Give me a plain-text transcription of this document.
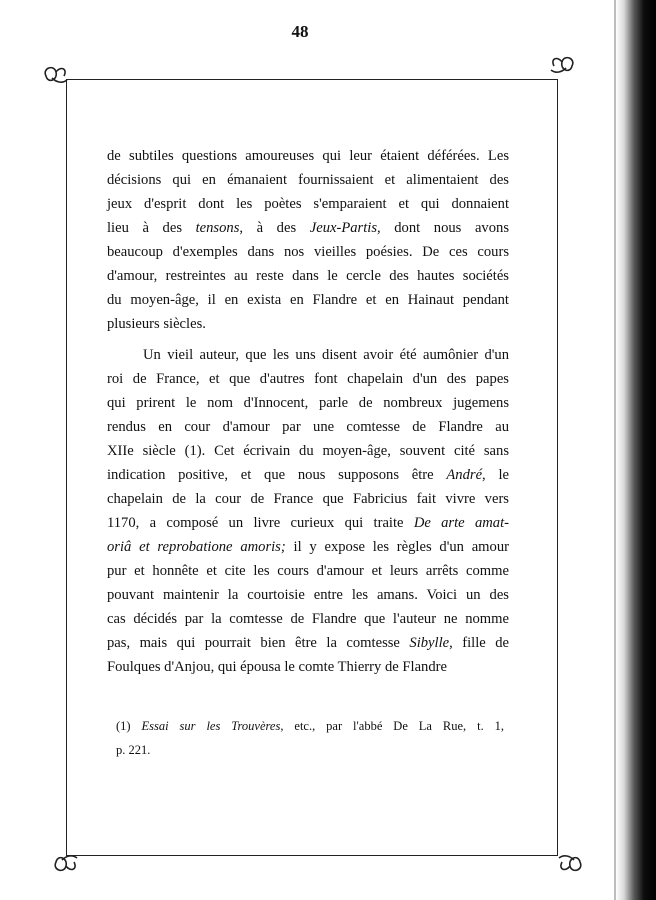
48
de subtiles questions amoureuses qui leur étaient déférées. Les
décisions qui en émanaient fournissaient et alimentaient des
jeux d'esprit dont les poètes s'emparaient et qui donnaient
lieu à des tensons, à des Jeux-Partis, dont nous avons
beaucoup d'exemples dans nos vieilles poésies. De ces cours
d'amour, restreintes au reste dans le cercle des hautes sociétés
du moyen-âge, il en exista en Flandre et en Hainaut pendant
plusieurs siècles.
Un vieil auteur, que les uns disent avoir été aumônier d'un
roi de France, et que d'autres font chapelain d'un des papes
qui prirent le nom d'Innocent, parle de nombreux jugemens
rendus en cour d'amour par une comtesse de Flandre au
XIIe siècle (1). Cet écrivain du moyen-âge, souvent cité sans
indication positive, et que nous supposons être André, le
chapelain de la cour de France que Fabricius fait vivre vers
1170, a composé un livre curieux qui traite De arte amat-
oriâ et reprobatione amoris; il y expose les règles d'un amour
pur et honnête et cite les cours d'amour et leurs arrêts comme
pouvant maintenir la courtoisie entre les amans. Voici un des
cas décidés par la comtesse de Flandre que l'auteur ne nomme
pas, mais qui pourrait bien être la comtesse Sibylle, fille de
Foulques d'Anjou, qui épousa le comte Thierry de Flandre
(1) Essai sur les Trouvères, etc., par l'abbé De La Rue, t. 1,
p. 221.
